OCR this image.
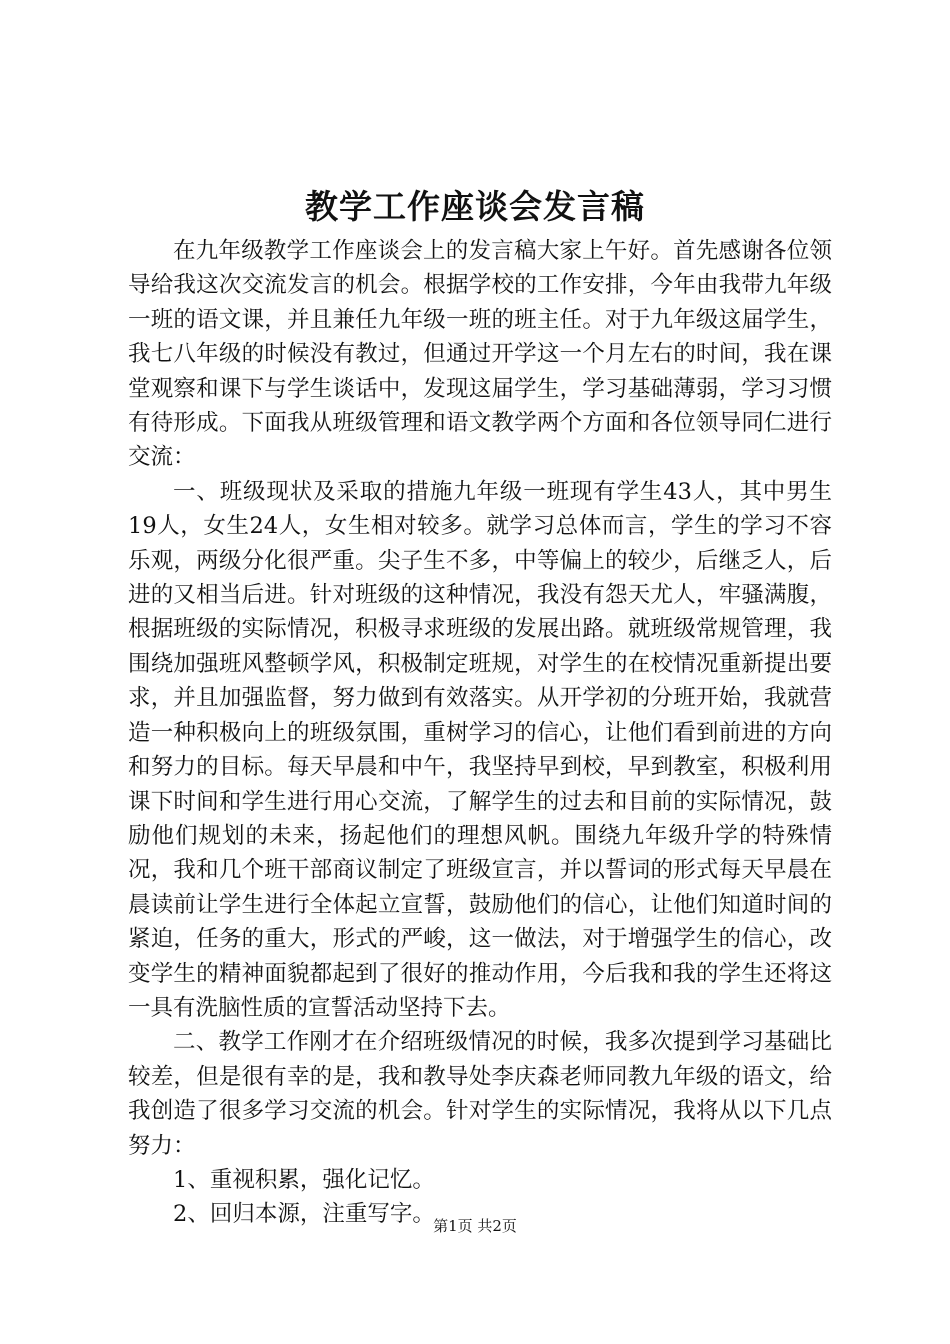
教学工作座谈会发言稿

在九年级教学工作座谈会上的发言稿大家上午好。首先感谢各位领导给我这次交流发言的机会。根据学校的工作安排，今年由我带九年级一班的语文课，并且兼任九年级一班的班主任。对于九年级这届学生，我七八年级的时候没有教过，但通过开学这一个月左右的时间，我在课堂观察和课下与学生谈话中，发现这届学生，学习基础薄弱，学习习惯有待形成。下面我从班级管理和语文教学两个方面和各位领导同仁进行交流：

一、班级现状及采取的措施九年级一班现有学生43人，其中男生19人，女生24人，女生相对较多。就学习总体而言，学生的学习不容乐观，两级分化很严重。尖子生不多，中等偏上的较少，后继乏人，后进的又相当后进。针对班级的这种情况，我没有怨天尤人，牢骚满腹，根据班级的实际情况，积极寻求班级的发展出路。就班级常规管理，我围绕加强班风整顿学风，积极制定班规，对学生的在校情况重新提出要求，并且加强监督，努力做到有效落实。从开学初的分班开始，我就营造一种积极向上的班级氛围，重树学习的信心，让他们看到前进的方向和努力的目标。每天早晨和中午，我坚持早到校，早到教室，积极利用课下时间和学生进行用心交流，了解学生的过去和目前的实际情况，鼓励他们规划的未来，扬起他们的理想风帆。围绕九年级升学的特殊情况，我和几个班干部商议制定了班级宣言，并以誓词的形式每天早晨在晨读前让学生进行全体起立宣誓，鼓励他们的信心，让他们知道时间的紧迫，任务的重大，形式的严峻，这一做法，对于增强学生的信心，改变学生的精神面貌都起到了很好的推动作用，今后我和我的学生还将这一具有洗脑性质的宣誓活动坚持下去。

二、教学工作刚才在介绍班级情况的时候，我多次提到学习基础比较差，但是很有幸的是，我和教导处李庆森老师同教九年级的语文，给我创造了很多学习交流的机会。针对学生的实际情况，我将从以下几点努力：

1、重视积累，强化记忆。

2、回归本源，注重写字。

第1页 共2页
